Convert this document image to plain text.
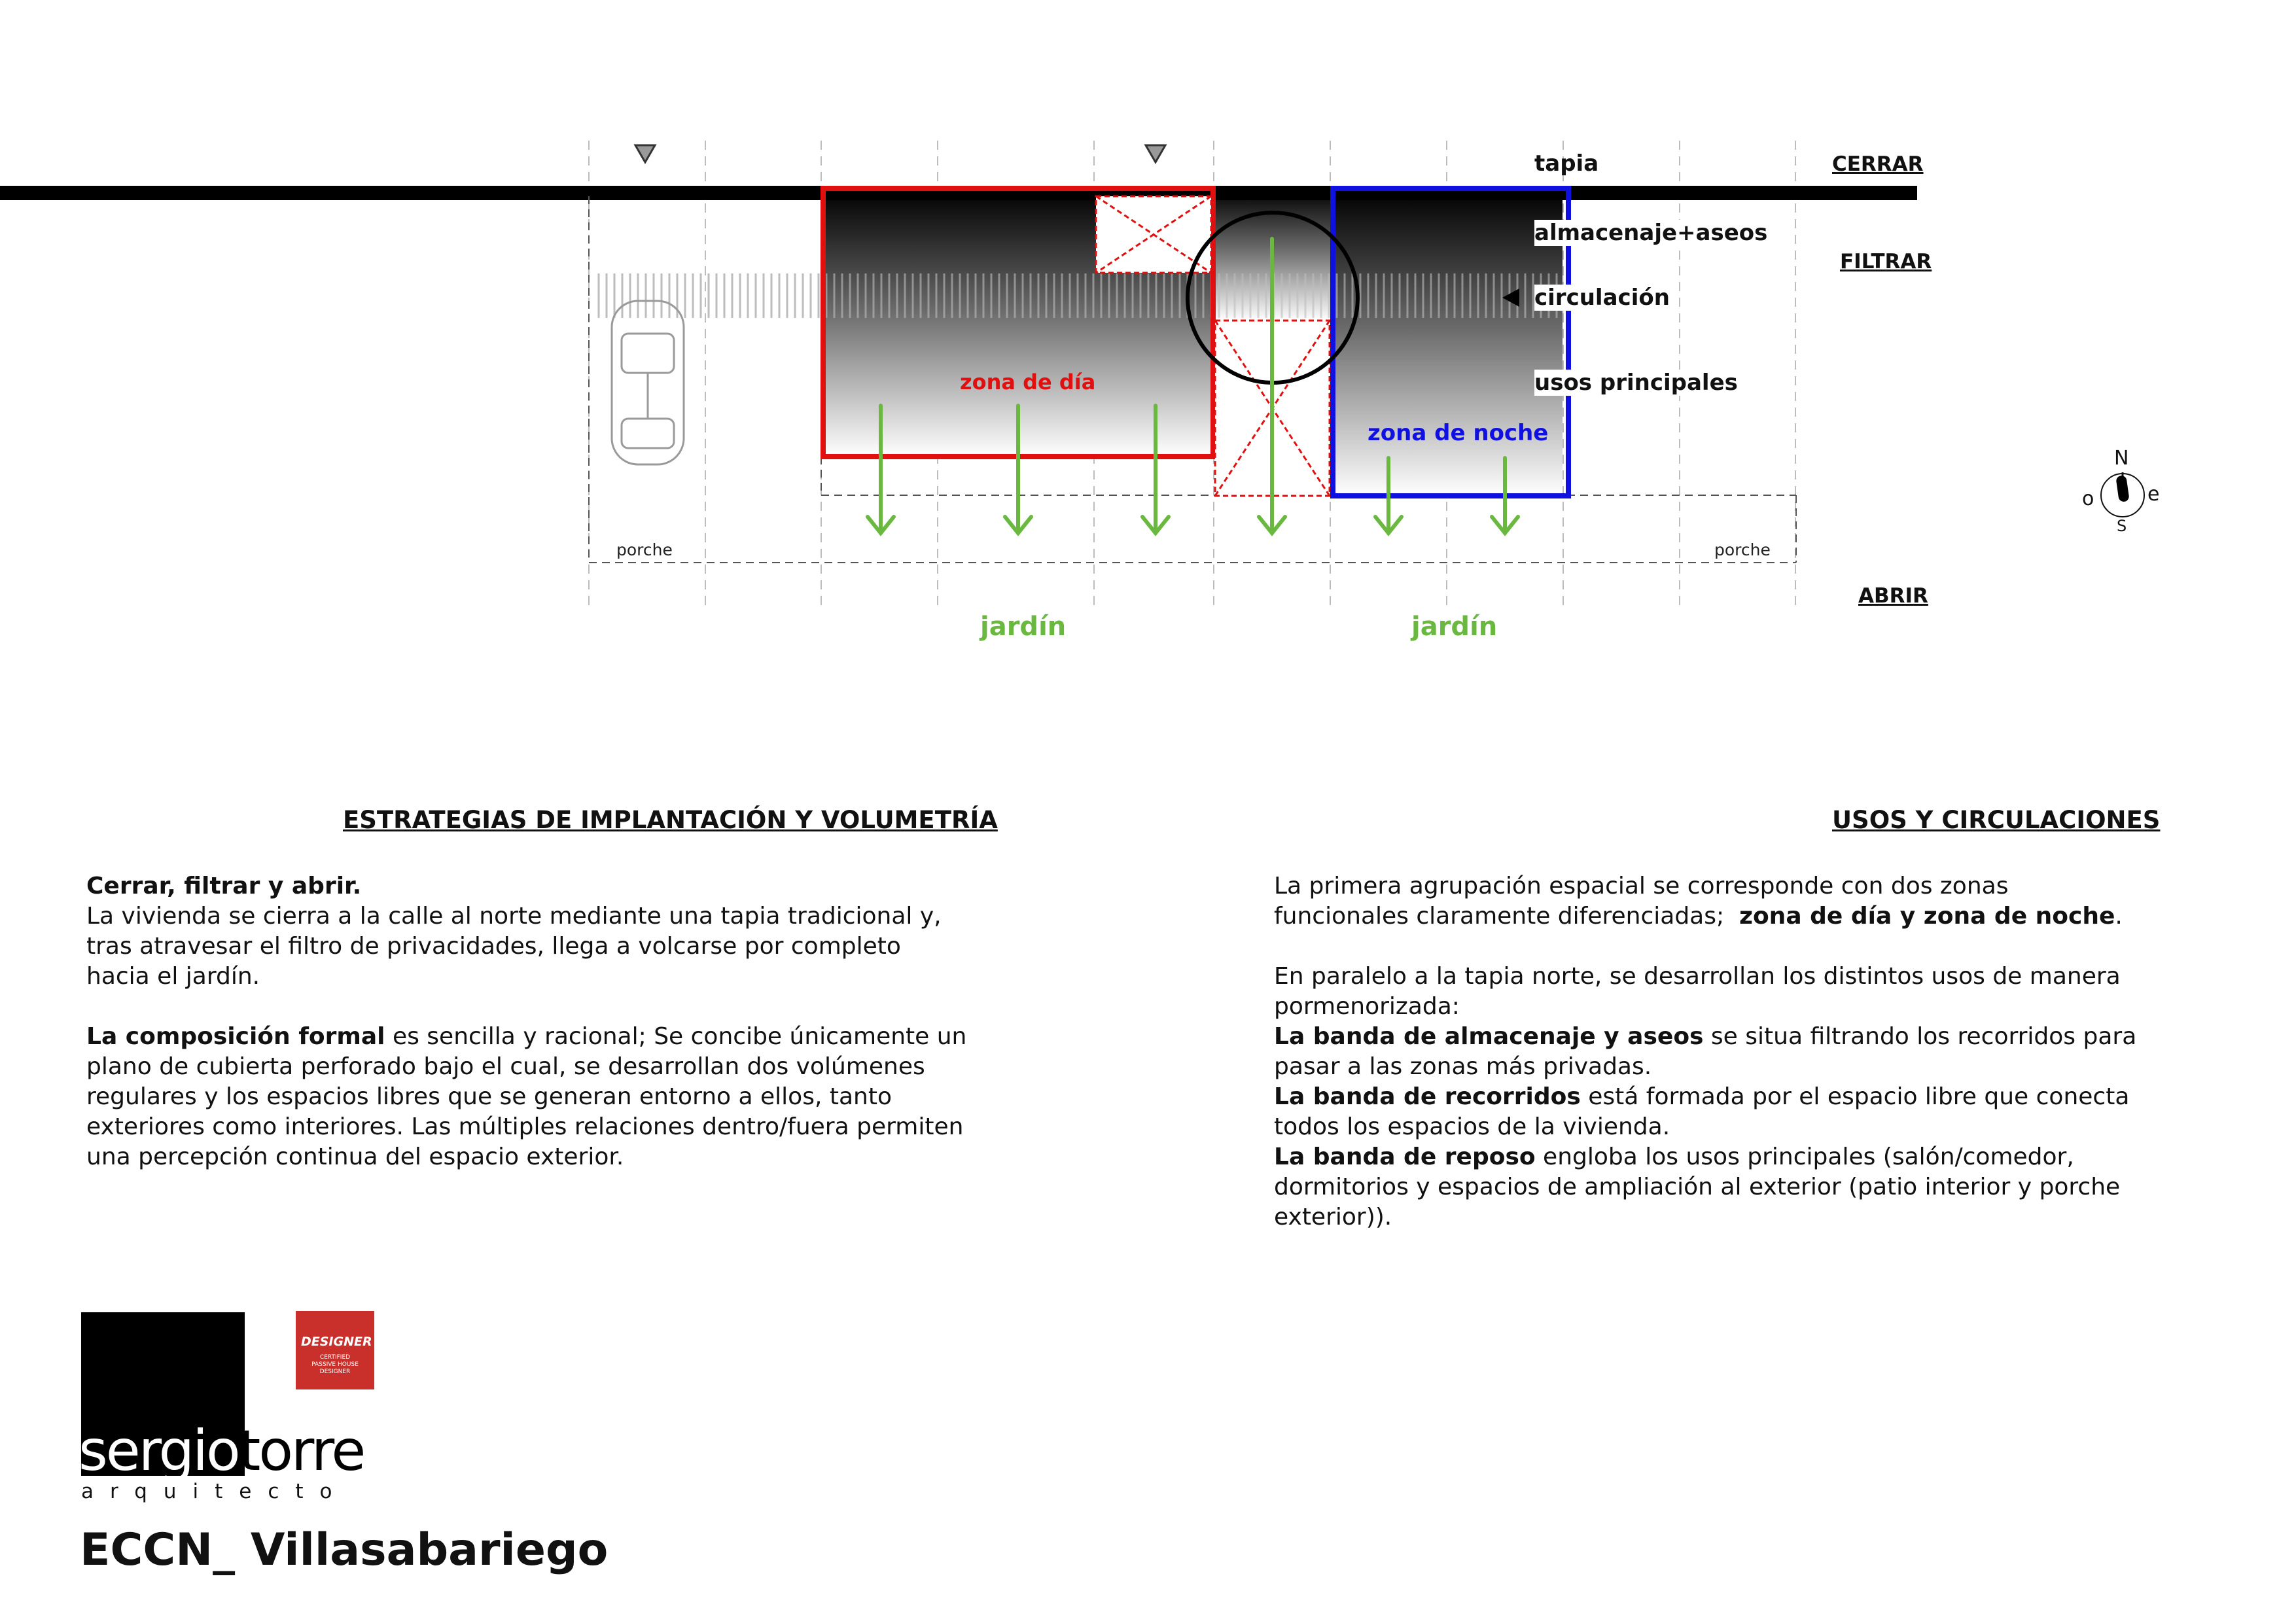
tapia
almacenaje+aseos
circulación
usos principales
CERRAR
FILTRAR
ABRIR
zona de día
zona de noche
porche	porche
jardín	jardín
N
S
e
o
ESTRATEGIAS DE IMPLANTACIÓN Y VOLUMETRÍA

Cerrar, filtrar y abrir.

La vivienda se cierra a la calle al norte mediante una tapia tradicional y,

tras atravesar el filtro de privacidades, llega a volcarse por completo

hacia el jardín.

La composición formal es sencilla y racional; Se concibe únicamente un

plano de cubierta perforado bajo el cual, se desarrollan dos volúmenes

regulares y los espacios libres que se generan entorno a ellos, tanto

exteriores como interiores. Las múltiples relaciones dentro/fuera permiten

una percepción continua del espacio exterior.

USOS Y CIRCULACIONES

La primera agrupación espacial se corresponde con dos zonas

funcionales claramente diferenciadas;  zona de día y zona de noche.

En paralelo a la tapia norte, se desarrollan los distintos usos de manera

pormenorizada:

La banda de almacenaje y aseos se situa filtrando los recorridos para

pasar a las zonas más privadas.

La banda de recorridos está formada por el espacio libre que conecta

todos los espacios de la vivienda.

La banda de reposo engloba los usos principales (salón/comedor,

dormitorios y espacios de ampliación al exterior (patio interior y porche

exterior)).

sergiotorre
arquitecto
DESIGNER
CERTIFIED
PASSIVE HOUSE
DESIGNER
ECCN_ Villasabariego
